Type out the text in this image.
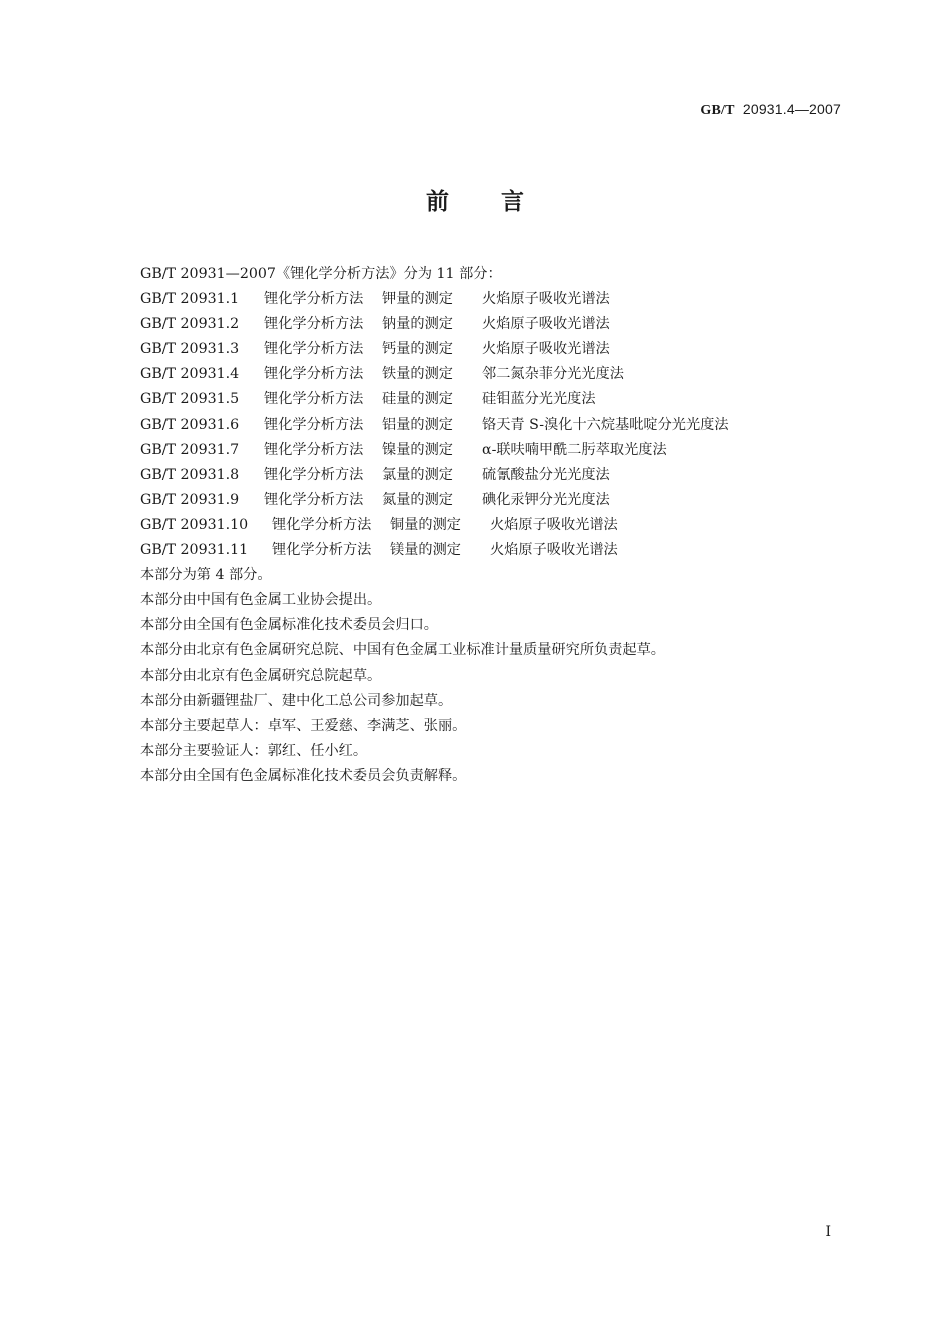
GB/T 20931.4—2007
前言
GB/T 20931—2007《锂化学分析方法》分为 11 部分：
GB/T 20931.1 锂化学分析方法 钾量的测定 火焰原子吸收光谱法
GB/T 20931.2 锂化学分析方法 钠量的测定 火焰原子吸收光谱法
GB/T 20931.3 锂化学分析方法 钙量的测定 火焰原子吸收光谱法
GB/T 20931.4 锂化学分析方法 铁量的测定 邻二氮杂菲分光光度法
GB/T 20931.5 锂化学分析方法 硅量的测定 硅钼蓝分光光度法
GB/T 20931.6 锂化学分析方法 铝量的测定 铬天青 S-溴化十六烷基吡啶分光光度法
GB/T 20931.7 锂化学分析方法 镍量的测定 α-联呋喃甲酰二肟萃取光度法
GB/T 20931.8 锂化学分析方法 氯量的测定 硫氰酸盐分光光度法
GB/T 20931.9 锂化学分析方法 氮量的测定 碘化汞钾分光光度法
GB/T 20931.10 锂化学分析方法 铜量的测定 火焰原子吸收光谱法
GB/T 20931.11 锂化学分析方法 镁量的测定 火焰原子吸收光谱法
本部分为第 4 部分。
本部分由中国有色金属工业协会提出。
本部分由全国有色金属标准化技术委员会归口。
本部分由北京有色金属研究总院、中国有色金属工业标准计量质量研究所负责起草。
本部分由北京有色金属研究总院起草。
本部分由新疆锂盐厂、建中化工总公司参加起草。
本部分主要起草人：卓军、王爱慈、李满芝、张丽。
本部分主要验证人：郭红、任小红。
本部分由全国有色金属标准化技术委员会负责解释。
I
